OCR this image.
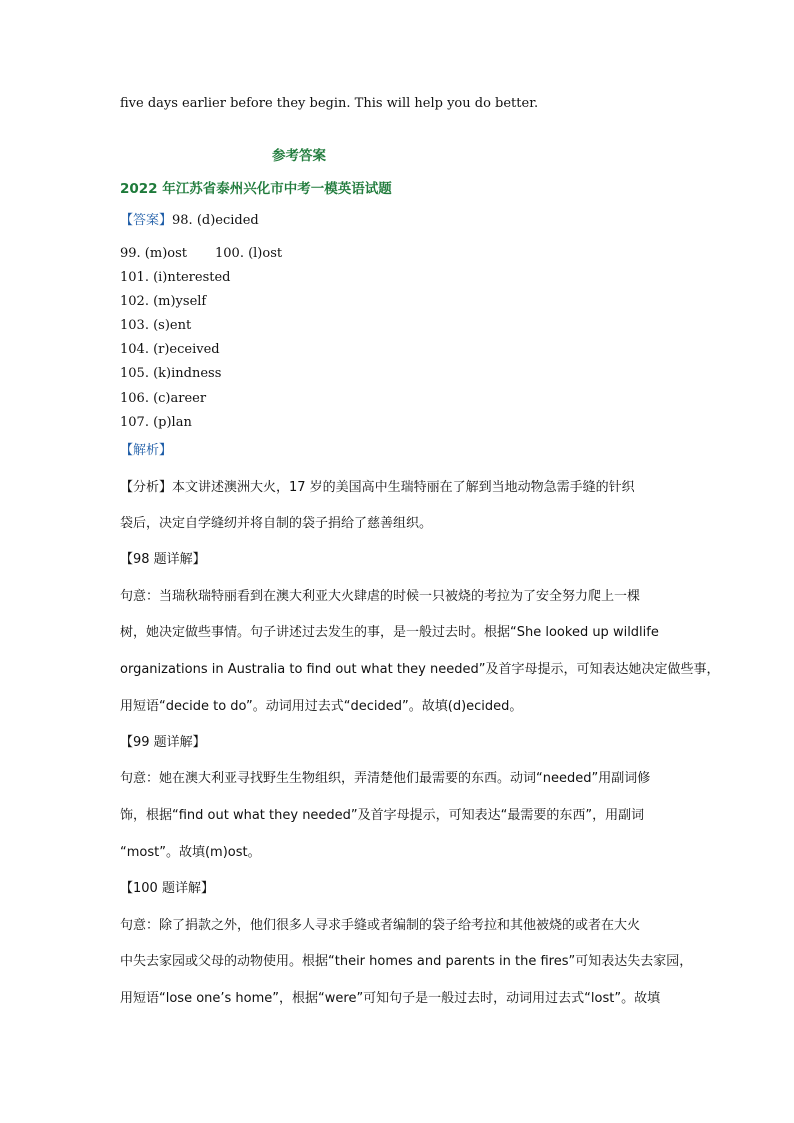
five days earlier before they begin. This will help you do better.
参考答案
2022 年江苏省泰州兴化市中考一模英语试题
【答案】98. (d)ecided
99. (m)ost 100. (l)ost
101. (i)nterested
102. (m)yself
103. (s)ent
104. (r)eceived
105. (k)indness
106. (c)areer
107. (p)lan
【解析】
【分析】本文讲述澳洲大火，17 岁的美国高中生瑞特丽在了解到当地动物急需手缝的针织
袋后，决定自学缝纫并将自制的袋子捐给了慈善组织。
【98 题详解】
句意：当瑞秋瑞特丽看到在澳大利亚大火肆虐的时候一只被烧的考拉为了安全努力爬上一棵
树，她决定做些事情。句子讲述过去发生的事，是一般过去时。根据“She looked up wildlife
organizations in Australia to find out what they needed”及首字母提示，可知表达她决定做些事，
用短语“decide to do”。动词用过去式“decided”。故填(d)ecided。
【99 题详解】
句意：她在澳大利亚寻找野生生物组织，弄清楚他们最需要的东西。动词“needed”用副词修
饰，根据“find out what they needed”及首字母提示，可知表达“最需要的东西”，用副词
“most”。故填(m)ost。
【100 题详解】
句意：除了捐款之外，他们很多人寻求手缝或者编制的袋子给考拉和其他被烧的或者在大火
中失去家园或父母的动物使用。根据“their homes and parents in the fires”可知表达失去家园，
用短语“lose one’s home”，根据“were”可知句子是一般过去时，动词用过去式“lost”。故填
